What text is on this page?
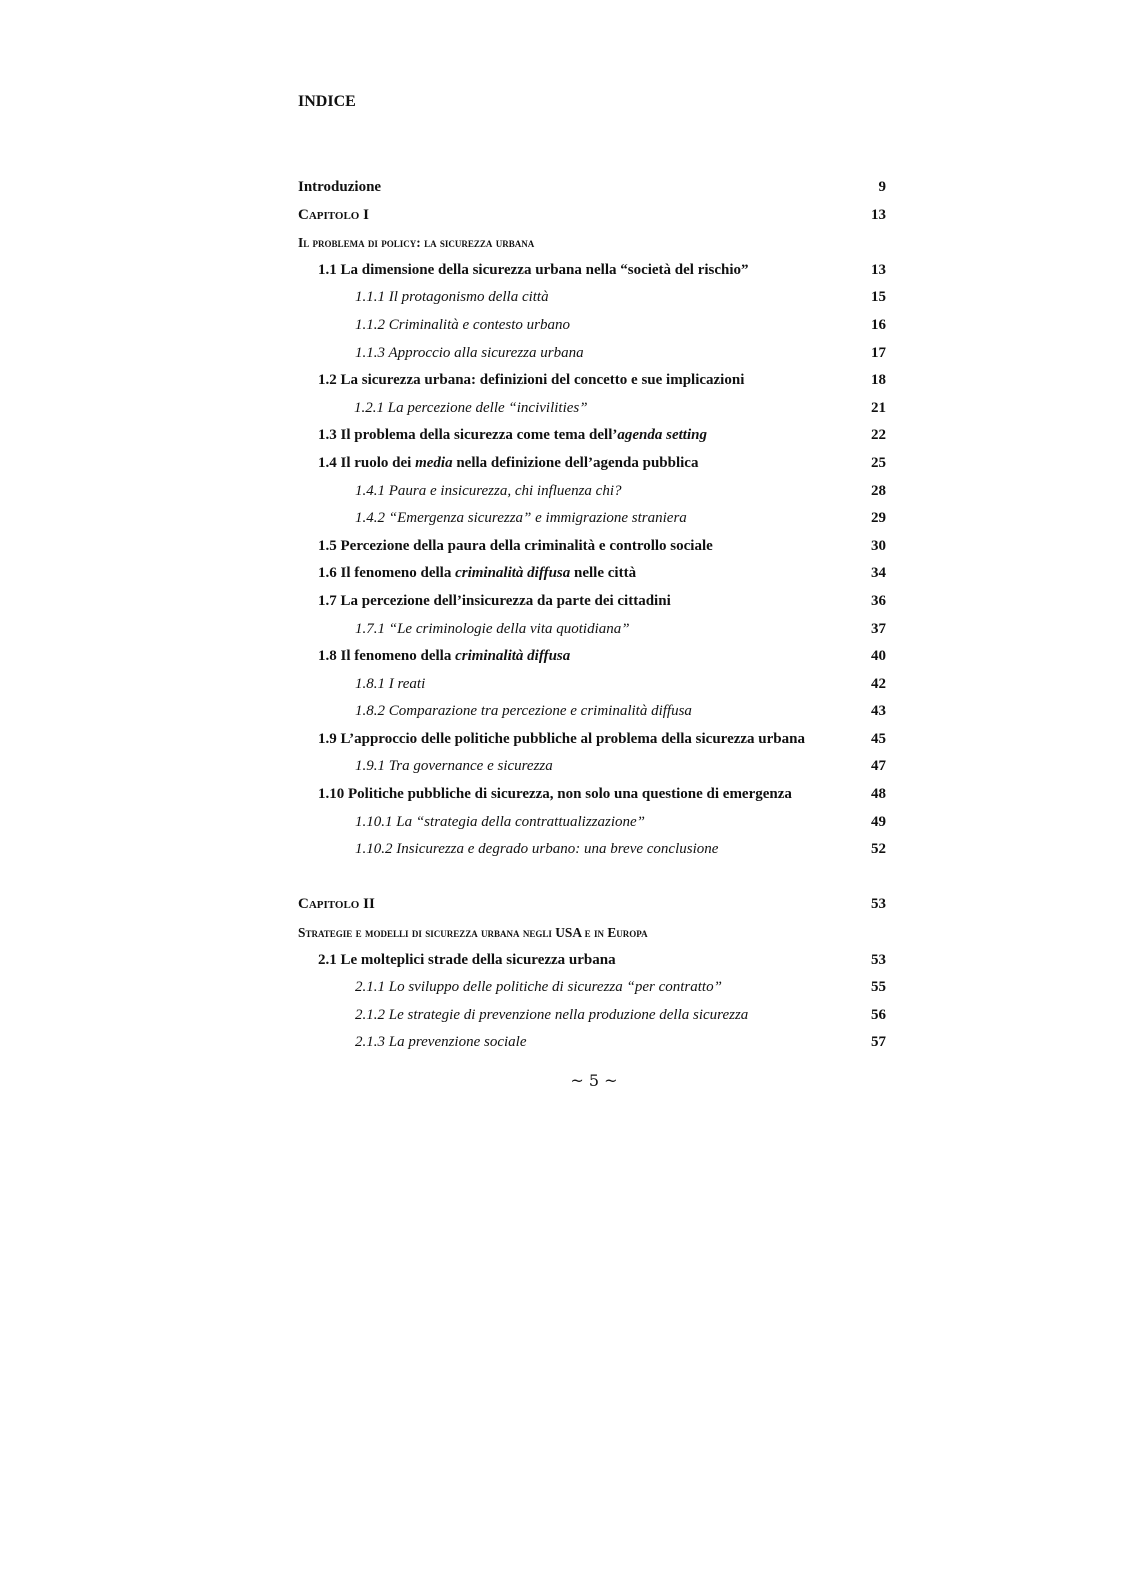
INDICE
Introduzione	9
Capitolo I	13
Il problema di policy: la sicurezza urbana
1.1 La dimensione della sicurezza urbana nella “società del rischio”	13
1.1.1 Il protagonismo della città	15
1.1.2 Criminalità e contesto urbano	16
1.1.3 Approccio alla sicurezza urbana	17
1.2 La sicurezza urbana: definizioni del concetto e sue implicazioni	18
1.2.1 La percezione delle “incivilities”	21
1.3 Il problema della sicurezza come tema dell’agenda setting	22
1.4 Il ruolo dei media nella definizione dell’agenda pubblica	25
1.4.1 Paura e insicurezza, chi influenza chi?	28
1.4.2 “Emergenza sicurezza” e immigrazione straniera	29
1.5 Percezione della paura della criminalità e controllo sociale	30
1.6 Il fenomeno della criminalità diffusa nelle città	34
1.7 La percezione dell’insicurezza da parte dei cittadini	36
1.7.1 “Le criminologie della vita quotidiana”	37
1.8 Il fenomeno della criminalità diffusa	40
1.8.1 I reati	42
1.8.2 Comparazione tra percezione e criminalità diffusa	43
1.9 L’approccio delle politiche pubbliche al problema della sicurezza urbana	45
1.9.1 Tra governance e sicurezza	47
1.10 Politiche pubbliche di sicurezza, non solo una questione di emergenza	48
1.10.1 La “strategia della contrattualizzazione”	49
1.10.2 Insicurezza e degrado urbano: una breve conclusione	52
Capitolo II	53
Strategie e modelli di sicurezza urbana negli USA e in Europa
2.1 Le molteplici strade della sicurezza urbana	53
2.1.1 Lo sviluppo delle politiche di sicurezza “per contratto”	55
2.1.2 Le strategie di prevenzione nella produzione della sicurezza	56
2.1.3 La prevenzione sociale	57
~ 5 ~
